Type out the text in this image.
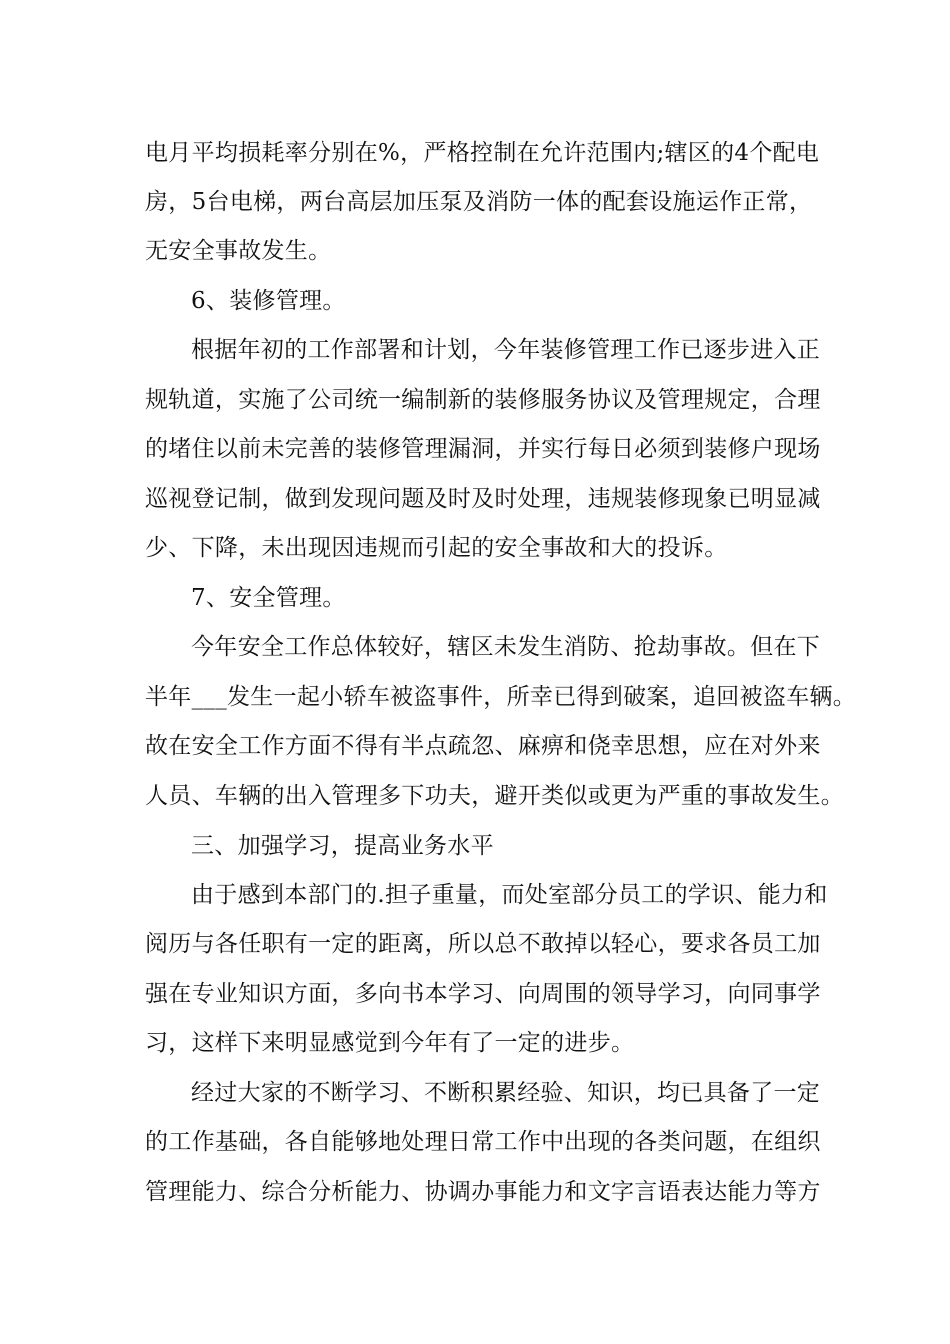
电月平均损耗率分别在%，严格控制在允许范围内;辖区的4个配电
房，5台电梯，两台高层加压泵及消防一体的配套设施运作正常，
无安全事故发生。
6、装修管理。
根据年初的工作部署和计划，今年装修管理工作已逐步进入正
规轨道，实施了公司统一编制新的装修服务协议及管理规定，合理
的堵住以前未完善的装修管理漏洞，并实行每日必须到装修户现场
巡视登记制，做到发现问题及时及时处理，违规装修现象已明显减
少、下降，未出现因违规而引起的安全事故和大的投诉。
7、安全管理。
今年安全工作总体较好，辖区未发生消防、抢劫事故。但在下
半年___发生一起小轿车被盗事件，所幸已得到破案，追回被盗车辆。
故在安全工作方面不得有半点疏忽、麻痹和侥幸思想，应在对外来
人员、车辆的出入管理多下功夫，避开类似或更为严重的事故发生。
三、加强学习，提高业务水平
由于感到本部门的.担子重量，而处室部分员工的学识、能力和
阅历与各任职有一定的距离，所以总不敢掉以轻心，要求各员工加
强在专业知识方面，多向书本学习、向周围的领导学习，向同事学
习，这样下来明显感觉到今年有了一定的进步。
经过大家的不断学习、不断积累经验、知识，均已具备了一定
的工作基础，各自能够地处理日常工作中出现的各类问题，在组织
管理能力、综合分析能力、协调办事能力和文字言语表达能力等方
